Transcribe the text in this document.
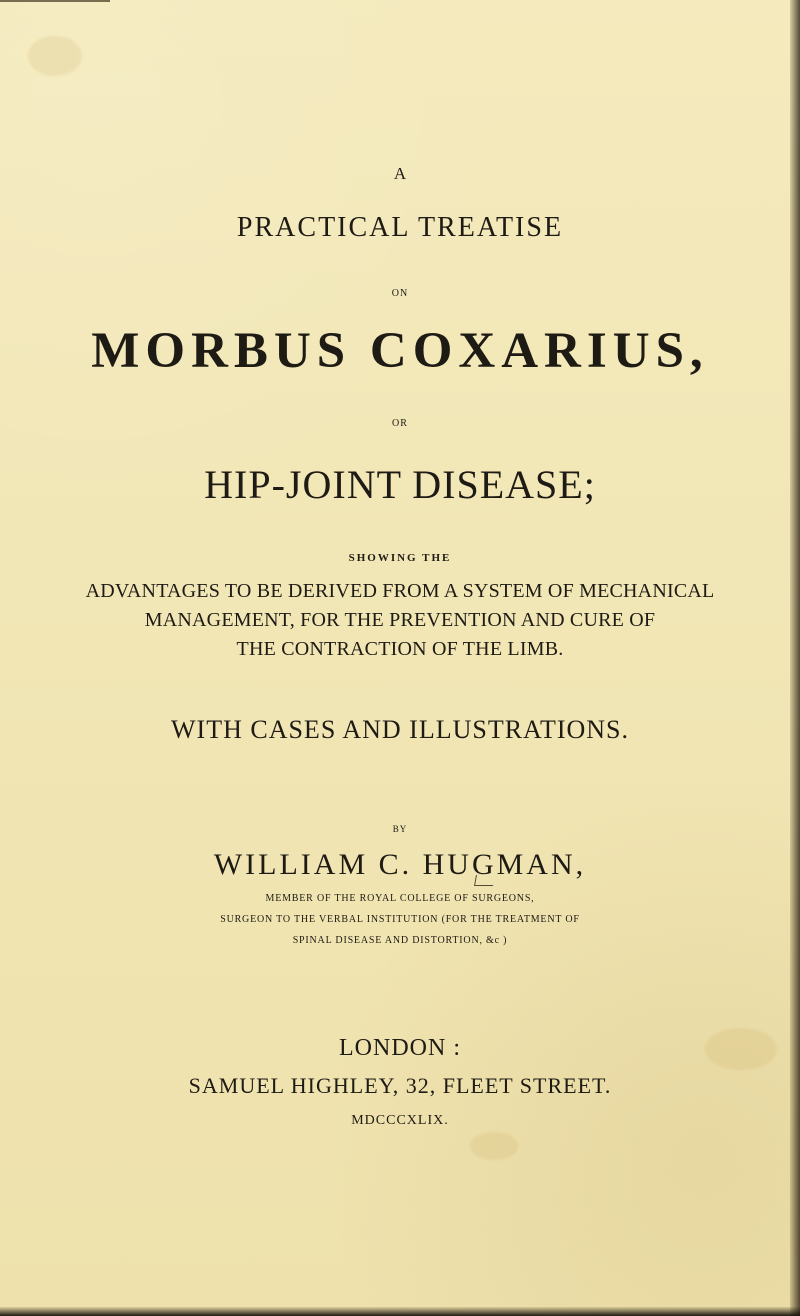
A

PRACTICAL TREATISE

ON

MORBUS COXARIUS,

OR

HIP-JOINT DISEASE;

SHOWING THE

ADVANTAGES TO BE DERIVED FROM A SYSTEM OF MECHANICAL

MANAGEMENT, FOR THE PREVENTION AND CURE OF

THE CONTRACTION OF THE LIMB.

WITH CASES AND ILLUSTRATIONS.

BY

WILLIAM C. HUGMAN,

MEMBER OF THE ROYAL COLLEGE OF SURGEONS,

SURGEON TO THE VERBAL INSTITUTION (FOR THE TREATMENT OF

SPINAL DISEASE AND DISTORTION, &c )

LONDON :

SAMUEL HIGHLEY, 32, FLEET STREET.

MDCCCXLIX.
